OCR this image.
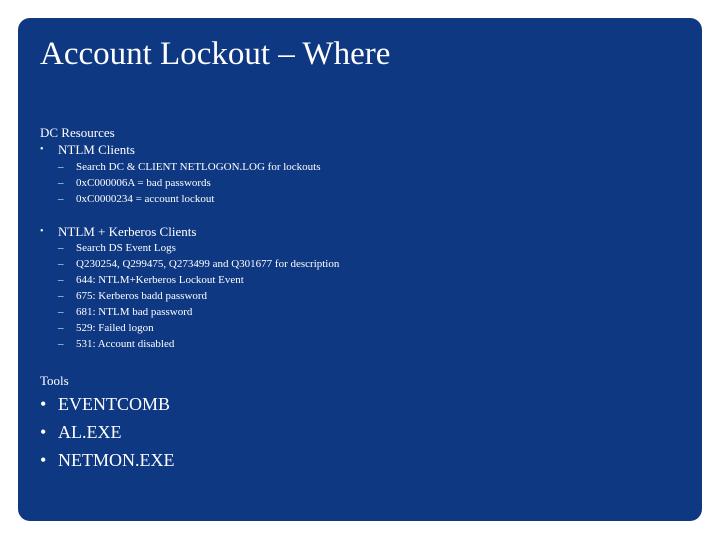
Account Lockout – Where
DC Resources
•	NTLM Clients
–	Search DC & CLIENT NETLOGON.LOG for lockouts
–	0xC000006A = bad passwords
–	0xC0000234 = account lockout
•	NTLM + Kerberos Clients
–	Search DS Event Logs
–	Q230254, Q299475, Q273499 and Q301677 for description
–	644: NTLM+Kerberos Lockout Event
–	675: Kerberos badd password
–	681: NTLM bad password
–	529: Failed logon
–	531: Account disabled
Tools
• EVENTCOMB
• AL.EXE
• NETMON.EXE
